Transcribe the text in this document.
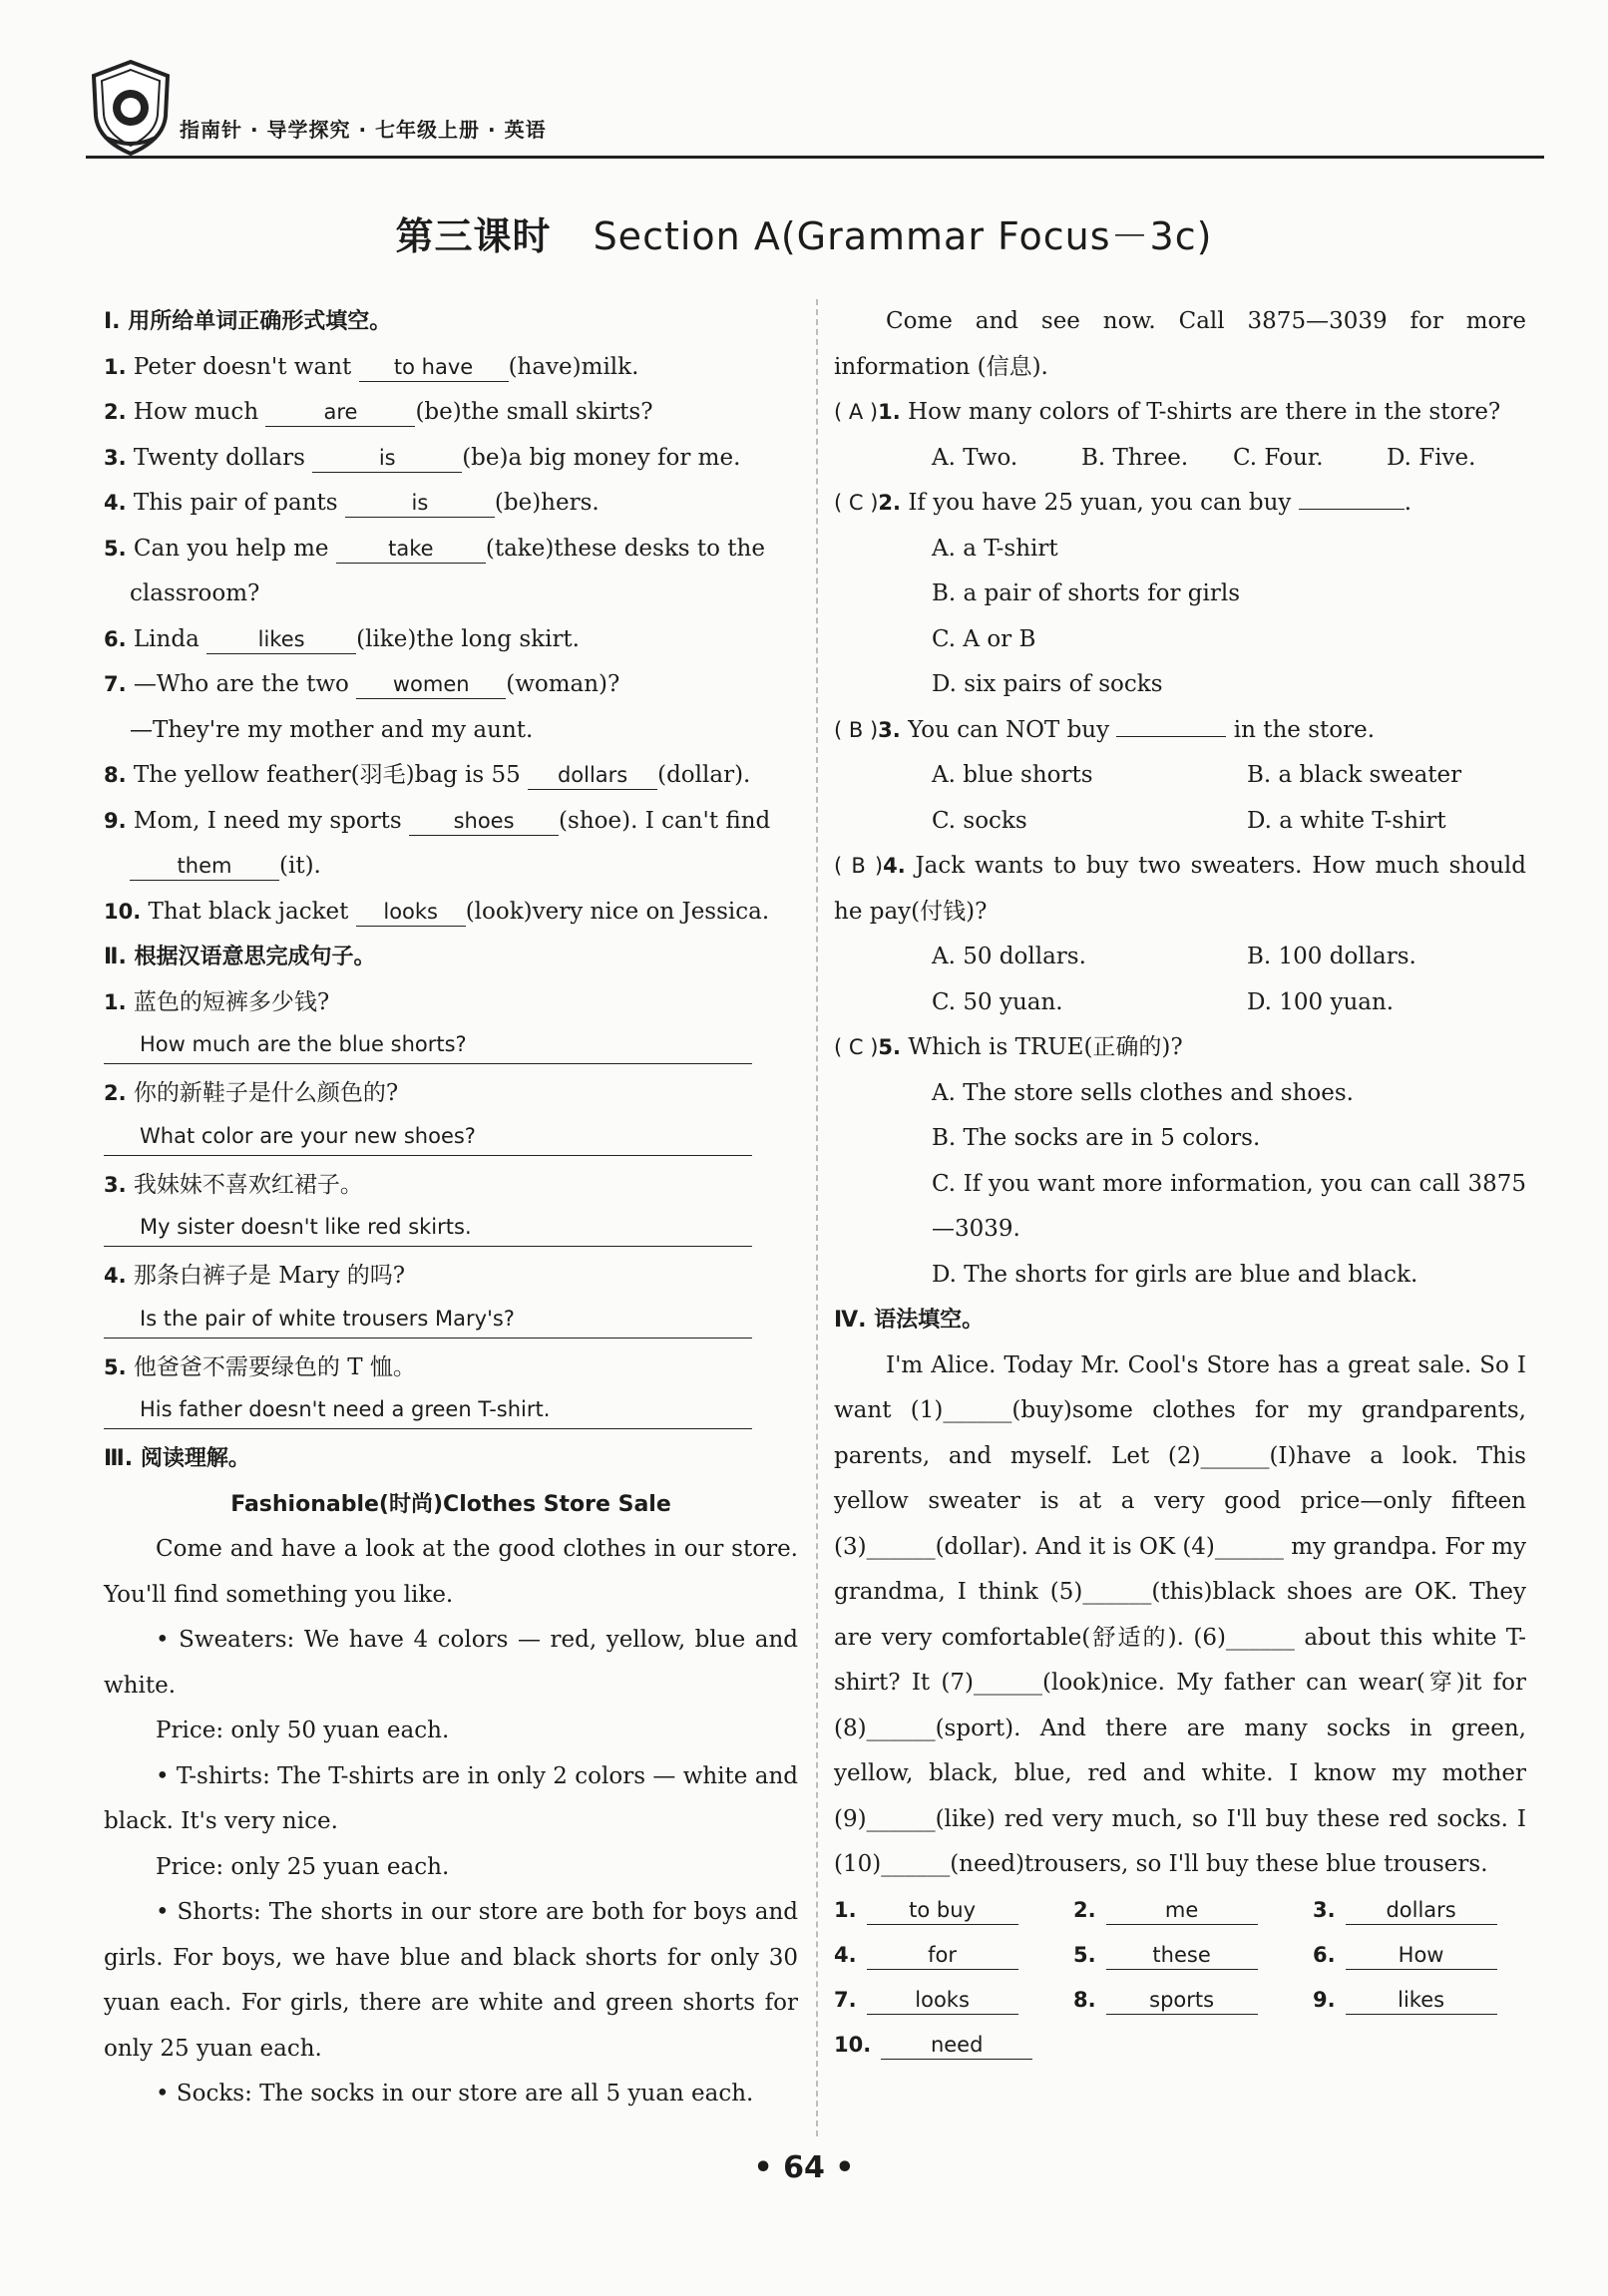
指南针 · 导学探究 · 七年级上册 · 英语
第三课时 Section A(Grammar Focus－3c)
Ⅰ. 用所给单词正确形式填空。
1. Peter doesn't want to have (have)milk.
2. How much	are	(be)the small skirts?
3. Twenty dollars	is	(be)a big money for me.
4. This pair of pants	is	(be)hers.
5. Can you help me	take (take)these desks to the
classroom?
6. Linda	likes (like)the long skirt.
7. —Who are the two women (woman)?
—They're my mother and my aunt.
8. The yellow feather(羽毛)bag is 55 dollars (dollar).
9. Mom, I need my sports shoes (shoe). I can't find
them (it).
10. That black jacket looks (look)very nice on Jessica.
Ⅱ. 根据汉语意思完成句子。
1. 蓝色的短裤多少钱?
How much are the blue shorts?
2. 你的新鞋子是什么颜色的?
What color are your new shoes?
3. 我妹妹不喜欢红裙子。
My sister doesn't like red skirts.
4. 那条白裤子是 Mary 的吗?
Is the pair of white trousers Mary's?
5. 他爸爸不需要绿色的 T 恤。
His father doesn't need a green T-shirt.
Ⅲ. 阅读理解。
Fashionable(时尚)Clothes Store Sale
Come and have a look at the good clothes in our store. You'll find something you like.
• Sweaters: We have 4 colors — red, yellow, blue and white.
Price: only 50 yuan each.
• T-shirts: The T-shirts are in only 2 colors — white and black. It's very nice.
Price: only 25 yuan each.
• Shorts: The shorts in our store are both for boys and girls. For boys, we have blue and black shorts for only 30 yuan each. For girls, there are white and green shorts for only 25 yuan each.
• Socks: The socks in our store are all 5 yuan each.
Come and see now. Call 3875—3039 for more information (信息).
( A )1. How many colors of T-shirts are there in the store?
A. Two.	B. Three. C. Four.	D. Five.
( C )2. If you have 25 yuan, you can buy	.
A. a T-shirt
B. a pair of shorts for girls
C. A or B
D. six pairs of socks
( B )3. You can NOT buy	in the store.
A. blue shorts	B. a black sweater
C. socks	D. a white T-shirt
( B )4. Jack wants to buy two sweaters. How much should he pay(付钱)?
A. 50 dollars.	B. 100 dollars.
C. 50 yuan.	D. 100 yuan.
( C )5. Which is TRUE(正确的)?
A. The store sells clothes and shoes.
B. The socks are in 5 colors.
C. If you want more information, you can call 3875 —3039.
D. The shorts for girls are blue and black.
Ⅳ. 语法填空。
I'm Alice. Today Mr. Cool's Store has a great sale. So I want (1)______(buy)some clothes for my grandparents, parents, and myself. Let (2)______(I)have a look. This yellow sweater is at a very good price—only fifteen (3)______(dollar). And it is OK (4)______ my grandpa. For my grandma, I think (5)______(this)black shoes are OK. They are very comfortable(舒适的). (6)______ about this white T-shirt? It (7)______(look)nice. My father can wear(穿)it for (8)______(sport). And there are many socks in green, yellow, black, blue, red and white. I know my mother (9)______(like) red very much, so I'll buy these red socks. I (10)______(need)trousers, so I'll buy these blue trousers.
1.	to buy	2.	me	3. dollars
4.	for	5.	these	6.	How
7.	looks	8.	sports	9.	likes
10.	need
• 64 •
